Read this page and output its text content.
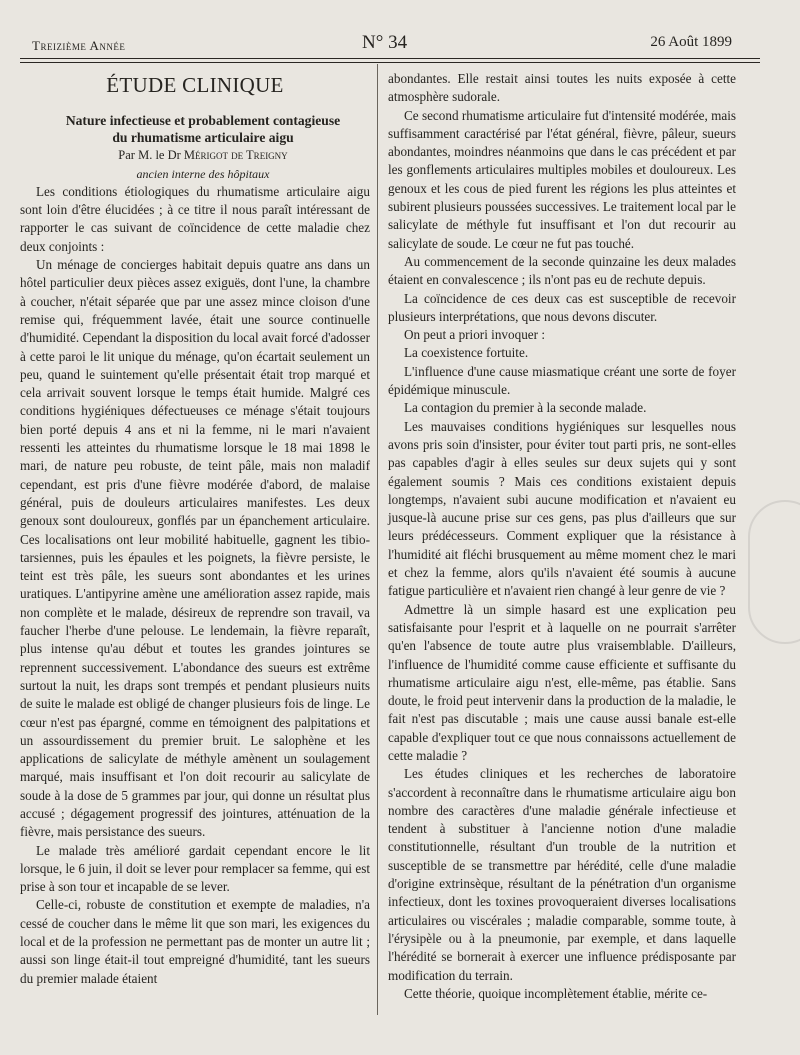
Treizième Année	N° 34	26 Août 1899
ÉTUDE CLINIQUE

Nature infectieuse et probablement contagieuse

du rhumatisme articulaire aigu

Par M. le Dr Mérigot de Treigny

ancien interne des hôpitaux

Les conditions étiologiques du rhumatisme articulaire aigu sont loin d'être élucidées ; à ce titre il nous paraît intéressant de rapporter le cas suivant de coïncidence de cette maladie chez deux conjoints :

Un ménage de concierges habitait depuis quatre ans dans un hôtel particulier deux pièces assez exiguës, dont l'une, la chambre à coucher, n'était séparée que par une assez mince cloison d'une remise qui, fréquemment lavée, était une source continuelle d'humidité. Cependant la disposition du local avait forcé d'adosser à cette paroi le lit unique du ménage, qu'on écartait seulement un peu, quand le suintement qu'elle présentait était trop marqué et cela arrivait souvent lorsque le temps était humide. Malgré ces conditions hygiéniques défectueuses ce ménage s'était toujours bien porté depuis 4 ans et ni la femme, ni le mari n'avaient ressenti les atteintes du rhumatisme lorsque le 18 mai 1898 le mari, de nature peu robuste, de teint pâle, mais non maladif cependant, est pris d'une fièvre modérée d'abord, de malaise général, puis de douleurs articulaires manifestes. Les deux genoux sont douloureux, gonflés par un épanchement articulaire. Ces localisations ont leur mobilité habituelle, gagnent les tibio-tarsiennes, puis les épaules et les poignets, la fièvre persiste, le teint est très pâle, les sueurs sont abondantes et les urines uratiques. L'antipyrine amène une amélioration assez rapide, mais non complète et le malade, désireux de reprendre son travail, va faucher l'herbe d'une pelouse. Le lendemain, la fièvre reparaît, plus intense qu'au début et toutes les grandes jointures se reprennent successivement. L'abondance des sueurs est extrême surtout la nuit, les draps sont trempés et pendant plusieurs nuits de suite le malade est obligé de changer plusieurs fois de linge. Le cœur n'est pas épargné, comme en témoignent des palpitations et un assourdissement du premier bruit. Le salophène et les applications de salicylate de méthyle amènent un soulagement marqué, mais insuffisant et l'on doit recourir au salicylate de soude à la dose de 5 grammes par jour, qui donne un résultat plus accusé ; dégagement progressif des jointures, atténuation de la fièvre, mais persistance des sueurs.

Le malade très amélioré gardait cependant encore le lit lorsque, le 6 juin, il doit se lever pour remplacer sa femme, qui est prise à son tour et incapable de se lever.

Celle-ci, robuste de constitution et exempte de maladies, n'a cessé de coucher dans le même lit que son mari, les exigences du local et de la profession ne permettant pas de monter un autre lit ; aussi son linge était-il tout empreigné d'humidité, tant les sueurs du premier malade étaient

abondantes. Elle restait ainsi toutes les nuits exposée à cette atmosphère sudorale.

Ce second rhumatisme articulaire fut d'intensité modérée, mais suffisamment caractérisé par l'état général, fièvre, pâleur, sueurs abondantes, moindres néanmoins que dans le cas précédent et par les gonflements articulaires multiples mobiles et douloureux. Les genoux et les cous de pied furent les régions les plus atteintes et subirent plusieurs poussées successives. Le traitement local par le salicylate de méthyle fut insuffisant et l'on dut recourir au salicylate de soude. Le cœur ne fut pas touché.

Au commencement de la seconde quinzaine les deux malades étaient en convalescence ; ils n'ont pas eu de rechute depuis.

La coïncidence de ces deux cas est susceptible de recevoir plusieurs interprétations, que nous devons discuter.

On peut a priori invoquer :

La coexistence fortuite.

L'influence d'une cause miasmatique créant une sorte de foyer épidémique minuscule.

La contagion du premier à la seconde malade.

Les mauvaises conditions hygiéniques sur lesquelles nous avons pris soin d'insister, pour éviter tout parti pris, ne sont-elles pas capables d'agir à elles seules sur deux sujets qui y sont également soumis ? Mais ces conditions existaient depuis longtemps, n'avaient subi aucune modification et n'avaient eu jusque-là aucune prise sur ces gens, pas plus d'ailleurs que sur leurs prédécesseurs. Comment expliquer que la résistance à l'humidité ait fléchi brusquement au même moment chez le mari et chez la femme, alors qu'ils n'avaient été soumis à aucune fatigue particulière et n'avaient rien changé à leur genre de vie ?

Admettre là un simple hasard est une explication peu satisfaisante pour l'esprit et à laquelle on ne pourrait s'arrêter qu'en l'absence de toute autre plus vraisemblable. D'ailleurs, l'influence de l'humidité comme cause efficiente et suffisante du rhumatisme articulaire aigu n'est, elle-même, pas établie. Sans doute, le froid peut intervenir dans la production de la maladie, le fait n'est pas discutable ; mais une cause aussi banale est-elle capable d'expliquer tout ce que nous connaissons actuellement de cette maladie ?

Les études cliniques et les recherches de laboratoire s'accordent à reconnaître dans le rhumatisme articulaire aigu bon nombre des caractères d'une maladie générale infectieuse et tendent à substituer à l'ancienne notion d'une maladie constitutionnelle, résultant d'un trouble de la nutrition et susceptible de se transmettre par hérédité, celle d'une maladie d'origine extrinsèque, résultant de la pénétration d'un organisme infectieux, dont les toxines provoqueraient diverses localisations articulaires ou viscérales ; maladie comparable, somme toute, à l'érysipèle ou à la pneumonie, par exemple, et dans laquelle l'hérédité se bornerait à exercer une influence prédisposante par modification du terrain.

Cette théorie, quoique incomplètement établie, mérite ce-
